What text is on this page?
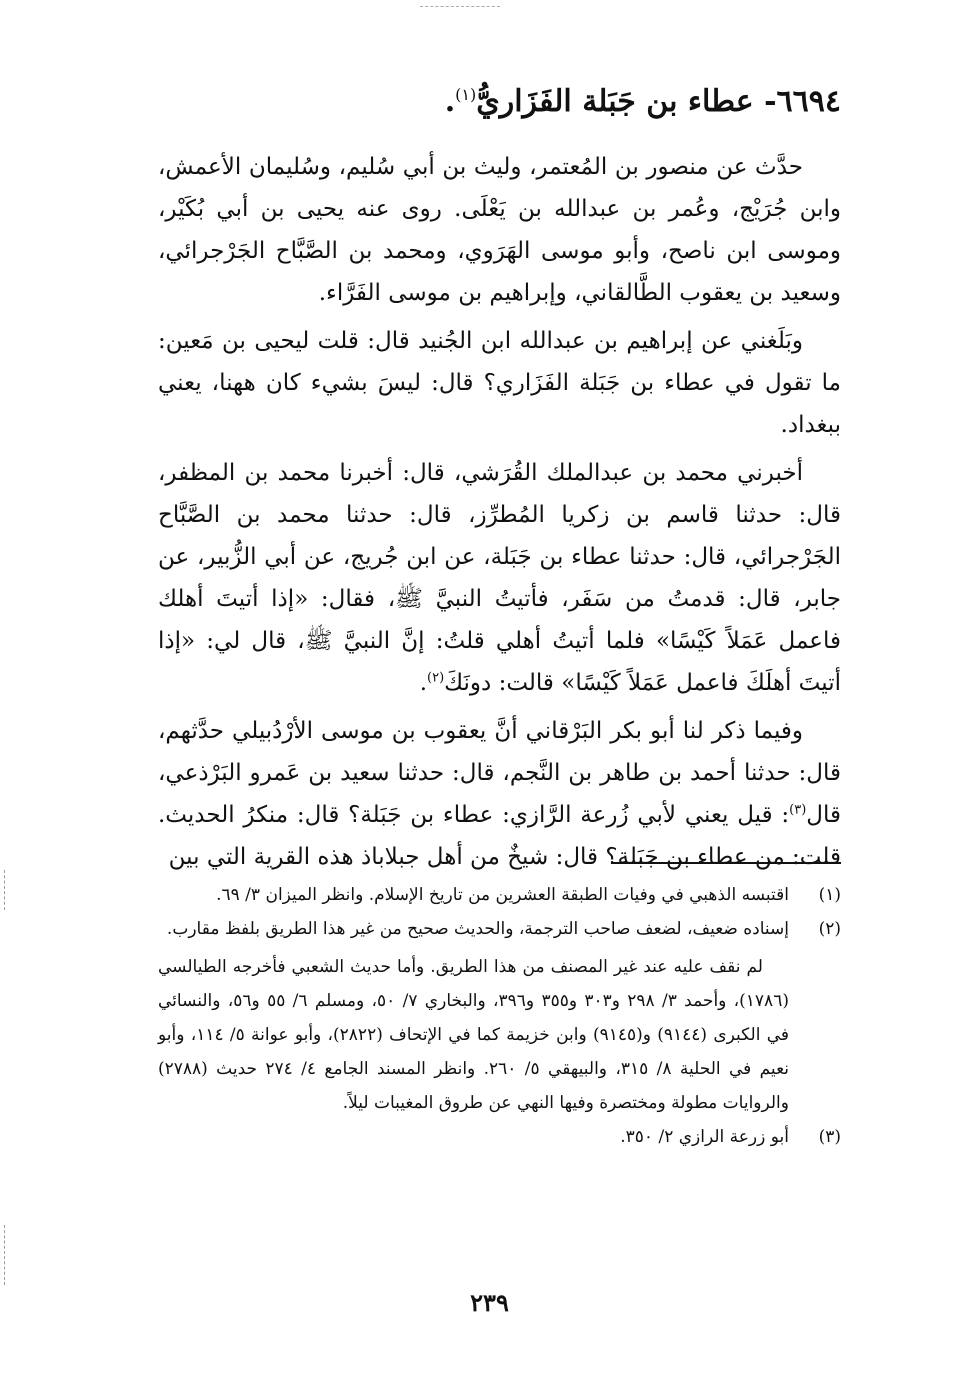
٦٦٩٤- عطاء بن جَبَلة الفَزَاريُّ$^{(١)}$.

حدَّث عن منصور بن المُعتمر، وليث بن أبي سُليم، وسُليمان الأعمش، وابن جُرَيْج، وعُمر بن عبدالله بن يَعْلَى. روى عنه يحيى بن أبي بُكَيْر، وموسى ابن ناصح، وأبو موسى الهَرَوي، ومحمد بن الصَّبَّاح الجَرْجرائي، وسعيد بن يعقوب الطَّالقاني، وإبراهيم بن موسى الفَرَّاء.

وبَلَغني عن إبراهيم بن عبدالله ابن الجُنيد قال: قلت ليحيى بن مَعين: ما تقول في عطاء بن جَبَلة الفَزَاري؟ قال: ليسَ بشيء كان ههنا، يعني ببغداد.

أخبرني محمد بن عبدالملك القُرَشي، قال: أخبرنا محمد بن المظفر، قال: حدثنا قاسم بن زكريا المُطرِّز، قال: حدثنا محمد بن الصَّبَّاح الجَرْجرائي، قال: حدثنا عطاء بن جَبَلة، عن ابن جُريج، عن أبي الزُّبير، عن جابر، قال: قدمتُ من سَفَر، فأتيتُ النبيَّ ﷺ، فقال: «إذا أتيتَ أهلك فاعمل عَمَلاً كَيْسًا» فلما أتيتُ أهلي قلتُ: إنَّ النبيَّ ﷺ، قال لي: «إذا أتيتَ أهلَكَ فاعمل عَمَلاً كَيْسًا» قالت: دونَكَ$^{(٢)}$.

وفيما ذكر لنا أبو بكر البَرْقاني أنَّ يعقوب بن موسى الأرْدُبيلي حدَّثهم، قال: حدثنا أحمد بن طاهر بن النَّجم، قال: حدثنا سعيد بن عَمرو البَرْذعي، قال$^{(٣)}$: قيل يعني لأبي زُرعة الرَّازي: عطاء بن جَبَلة؟ قال: منكرُ الحديث. قلت: من عطاء بن جَبَلة؟ قال: شيخٌ من أهل جبلاباذ هذه القرية التي بين

(١)
اقتبسه الذهبي في وفيات الطبقة العشرين من تاريخ الإسلام. وانظر الميزان ٣/ ٦٩.
(٢)
إسناده ضعيف، لضعف صاحب الترجمة، والحديث صحيح من غير هذا الطريق بلفظ مقارب.

لم نقف عليه عند غير المصنف من هذا الطريق. وأما حديث الشعبي فأخرجه الطيالسي (١٧٨٦)، وأحمد ٣/ ٢٩٨ و٣٠٣ و٣٥٥ و٣٩٦، والبخاري ٧/ ٥٠، ومسلم ٦/ ٥٥ و٥٦، والنسائي في الكبرى (٩١٤٤) و(٩١٤٥) وابن خزيمة كما في الإتحاف (٢٨٢٢)، وأبو عوانة ٥/ ١١٤، وأبو نعيم في الحلية ٨/ ٣١٥، والبيهقي ٥/ ٢٦٠. وانظر المسند الجامع ٤/ ٢٧٤ حديث (٢٧٨٨) والروايات مطولة ومختصرة وفيها النهي عن طروق المغيبات ليلاً.

(٣)
أبو زرعة الرازي ٢/ ٣٥٠.
٢٣٩
